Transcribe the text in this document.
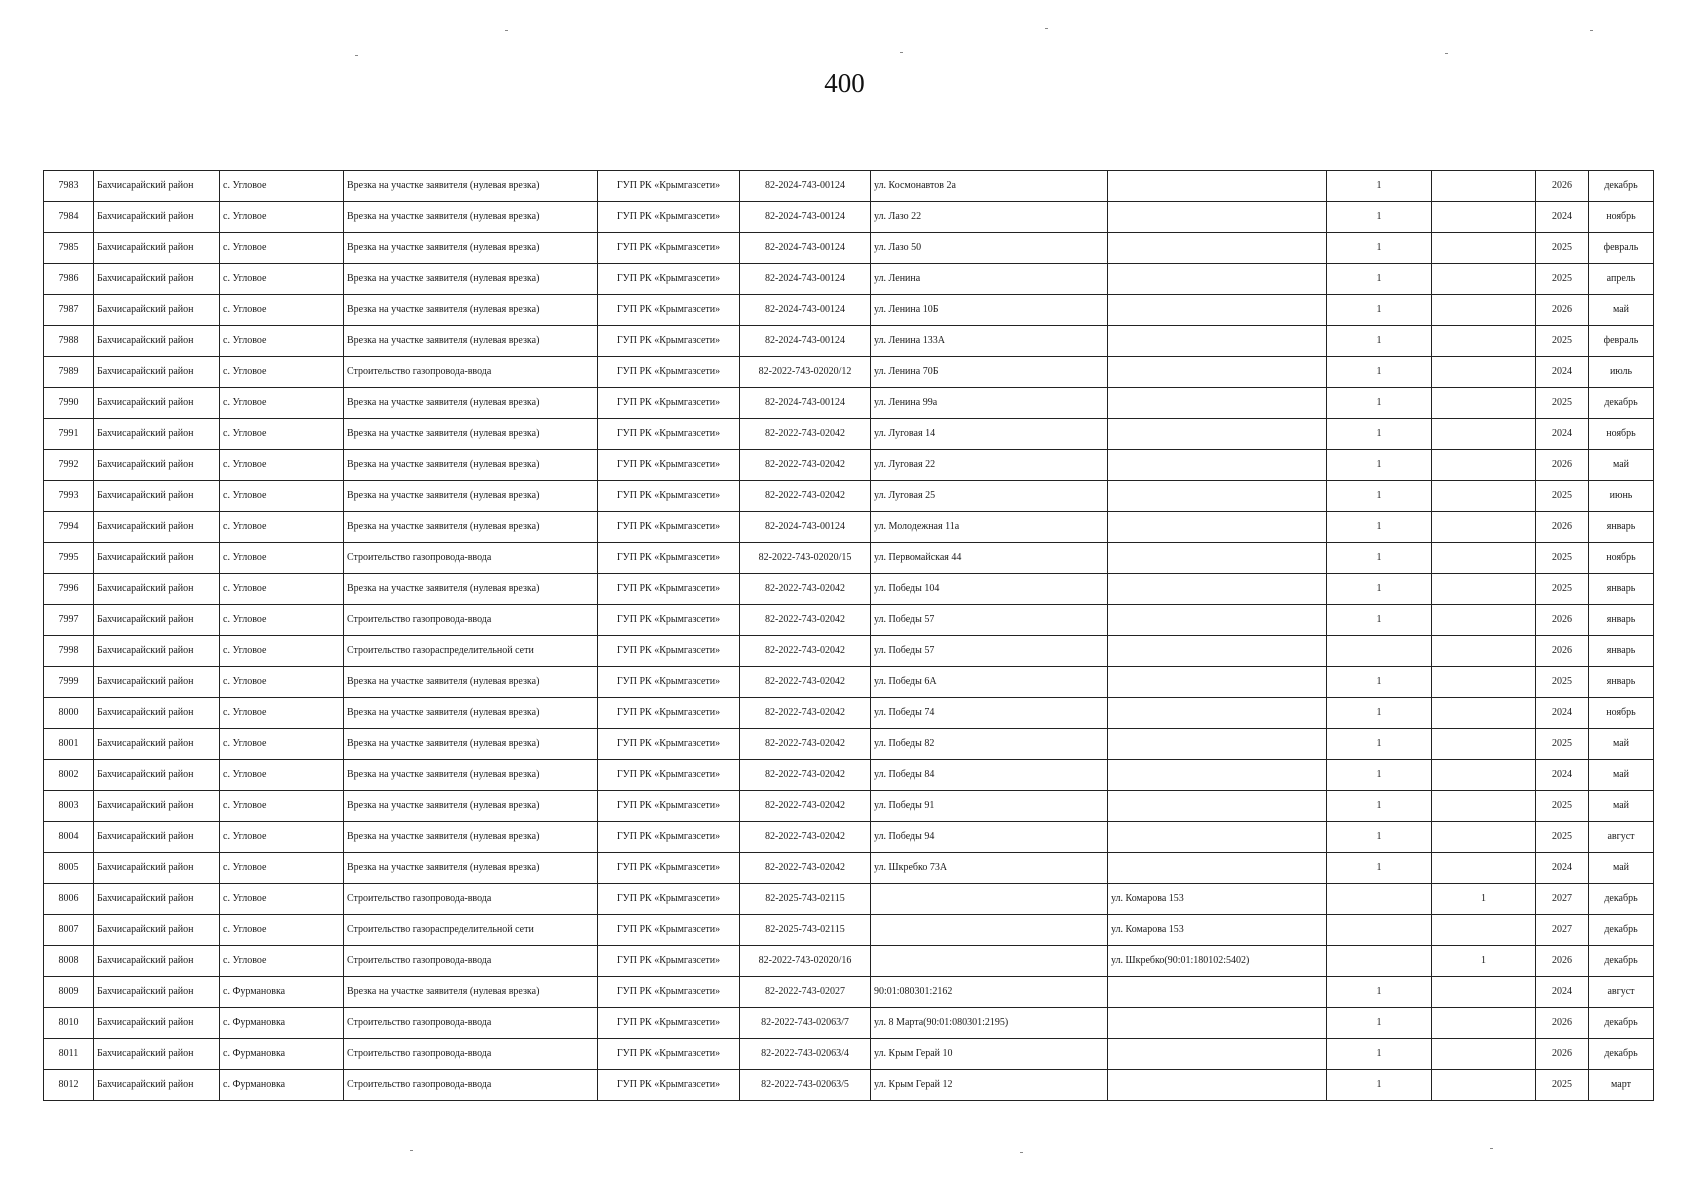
400
7983	Бахчисарайский район	с. Угловое	Врезка на участке заявителя (нулевая врезка)	ГУП РК «Крымгазсети»	82-2024-743-00124	ул. Космонавтов 2а		1		2026	декабрь
7984	Бахчисарайский район	с. Угловое	Врезка на участке заявителя (нулевая врезка)	ГУП РК «Крымгазсети»	82-2024-743-00124	ул. Лазо 22		1		2024	ноябрь
7985	Бахчисарайский район	с. Угловое	Врезка на участке заявителя (нулевая врезка)	ГУП РК «Крымгазсети»	82-2024-743-00124	ул. Лазо 50		1		2025	февраль
7986	Бахчисарайский район	с. Угловое	Врезка на участке заявителя (нулевая врезка)	ГУП РК «Крымгазсети»	82-2024-743-00124	ул. Ленина		1		2025	апрель
7987	Бахчисарайский район	с. Угловое	Врезка на участке заявителя (нулевая врезка)	ГУП РК «Крымгазсети»	82-2024-743-00124	ул. Ленина 10Б		1		2026	май
7988	Бахчисарайский район	с. Угловое	Врезка на участке заявителя (нулевая врезка)	ГУП РК «Крымгазсети»	82-2024-743-00124	ул. Ленина 133А		1		2025	февраль
7989	Бахчисарайский район	с. Угловое	Строительство газопровода-ввода	ГУП РК «Крымгазсети»	82-2022-743-02020/12	ул. Ленина 70Б		1		2024	июль
7990	Бахчисарайский район	с. Угловое	Врезка на участке заявителя (нулевая врезка)	ГУП РК «Крымгазсети»	82-2024-743-00124	ул. Ленина 99а		1		2025	декабрь
7991	Бахчисарайский район	с. Угловое	Врезка на участке заявителя (нулевая врезка)	ГУП РК «Крымгазсети»	82-2022-743-02042	ул. Луговая 14		1		2024	ноябрь
7992	Бахчисарайский район	с. Угловое	Врезка на участке заявителя (нулевая врезка)	ГУП РК «Крымгазсети»	82-2022-743-02042	ул. Луговая 22		1		2026	май
7993	Бахчисарайский район	с. Угловое	Врезка на участке заявителя (нулевая врезка)	ГУП РК «Крымгазсети»	82-2022-743-02042	ул. Луговая 25		1		2025	июнь
7994	Бахчисарайский район	с. Угловое	Врезка на участке заявителя (нулевая врезка)	ГУП РК «Крымгазсети»	82-2024-743-00124	ул. Молодежная 11а		1		2026	январь
7995	Бахчисарайский район	с. Угловое	Строительство газопровода-ввода	ГУП РК «Крымгазсети»	82-2022-743-02020/15	ул. Первомайская 44		1		2025	ноябрь
7996	Бахчисарайский район	с. Угловое	Врезка на участке заявителя (нулевая врезка)	ГУП РК «Крымгазсети»	82-2022-743-02042	ул. Победы 104		1		2025	январь
7997	Бахчисарайский район	с. Угловое	Строительство газопровода-ввода	ГУП РК «Крымгазсети»	82-2022-743-02042	ул. Победы 57		1		2026	январь
7998	Бахчисарайский район	с. Угловое	Строительство газораспределительной сети	ГУП РК «Крымгазсети»	82-2022-743-02042	ул. Победы 57				2026	январь
7999	Бахчисарайский район	с. Угловое	Врезка на участке заявителя (нулевая врезка)	ГУП РК «Крымгазсети»	82-2022-743-02042	ул. Победы 6А		1		2025	январь
8000	Бахчисарайский район	с. Угловое	Врезка на участке заявителя (нулевая врезка)	ГУП РК «Крымгазсети»	82-2022-743-02042	ул. Победы 74		1		2024	ноябрь
8001	Бахчисарайский район	с. Угловое	Врезка на участке заявителя (нулевая врезка)	ГУП РК «Крымгазсети»	82-2022-743-02042	ул. Победы 82		1		2025	май
8002	Бахчисарайский район	с. Угловое	Врезка на участке заявителя (нулевая врезка)	ГУП РК «Крымгазсети»	82-2022-743-02042	ул. Победы 84		1		2024	май
8003	Бахчисарайский район	с. Угловое	Врезка на участке заявителя (нулевая врезка)	ГУП РК «Крымгазсети»	82-2022-743-02042	ул. Победы 91		1		2025	май
8004	Бахчисарайский район	с. Угловое	Врезка на участке заявителя (нулевая врезка)	ГУП РК «Крымгазсети»	82-2022-743-02042	ул. Победы 94		1		2025	август
8005	Бахчисарайский район	с. Угловое	Врезка на участке заявителя (нулевая врезка)	ГУП РК «Крымгазсети»	82-2022-743-02042	ул. Шкребко 73А		1		2024	май
8006	Бахчисарайский район	с. Угловое	Строительство газопровода-ввода	ГУП РК «Крымгазсети»	82-2025-743-02115		ул. Комарова 153		1	2027	декабрь
8007	Бахчисарайский район	с. Угловое	Строительство газораспределительной сети	ГУП РК «Крымгазсети»	82-2025-743-02115		ул. Комарова 153			2027	декабрь
8008	Бахчисарайский район	с. Угловое	Строительство газопровода-ввода	ГУП РК «Крымгазсети»	82-2022-743-02020/16		ул. Шкребко(90:01:180102:5402)		1	2026	декабрь
8009	Бахчисарайский район	с. Фурмановка	Врезка на участке заявителя (нулевая врезка)	ГУП РК «Крымгазсети»	82-2022-743-02027	90:01:080301:2162		1		2024	август
8010	Бахчисарайский район	с. Фурмановка	Строительство газопровода-ввода	ГУП РК «Крымгазсети»	82-2022-743-02063/7	ул. 8 Марта(90:01:080301:2195)		1		2026	декабрь
8011	Бахчисарайский район	с. Фурмановка	Строительство газопровода-ввода	ГУП РК «Крымгазсети»	82-2022-743-02063/4	ул. Крым Герай 10		1		2026	декабрь
8012	Бахчисарайский район	с. Фурмановка	Строительство газопровода-ввода	ГУП РК «Крымгазсети»	82-2022-743-02063/5	ул. Крым Герай 12		1		2025	март
